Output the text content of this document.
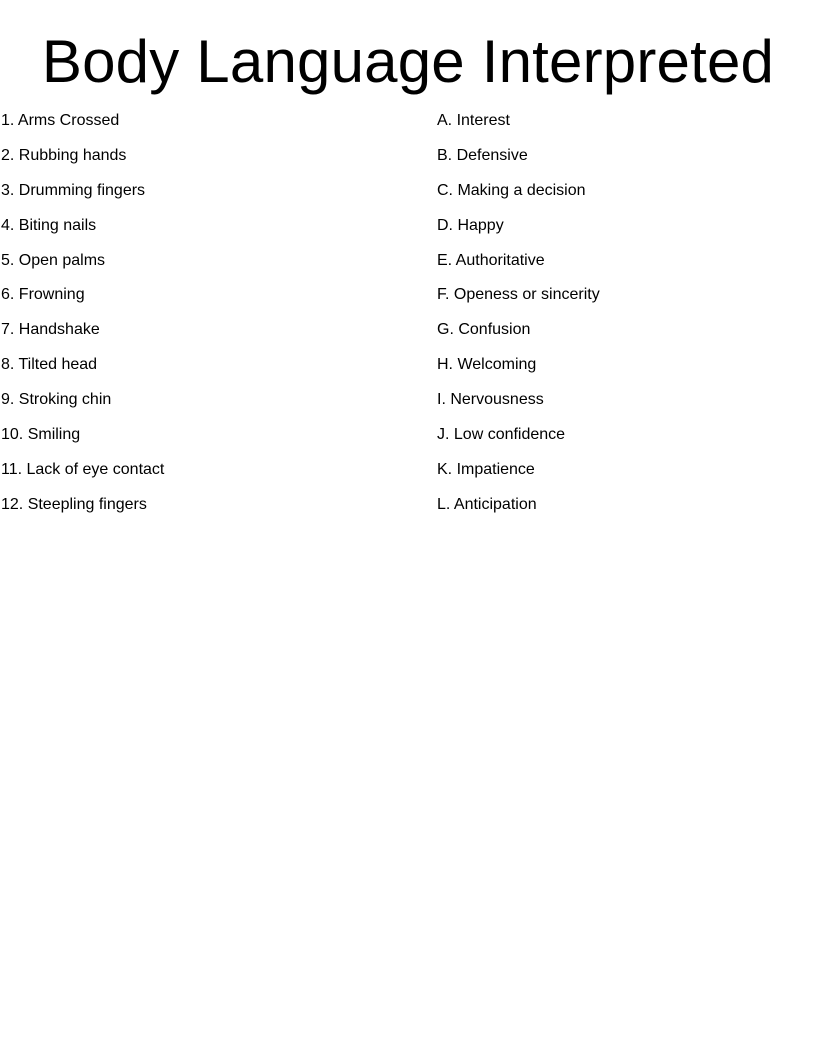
Body Language Interpreted
1. Arms Crossed
2. Rubbing hands
3. Drumming fingers
4. Biting nails
5. Open palms
6. Frowning
7. Handshake
8. Tilted head
9. Stroking chin
10. Smiling
11. Lack of eye contact
12. Steepling fingers
A. Interest
B. Defensive
C. Making a decision
D. Happy
E. Authoritative
F. Openess or sincerity
G. Confusion
H. Welcoming
I. Nervousness
J. Low confidence
K. Impatience
L. Anticipation
